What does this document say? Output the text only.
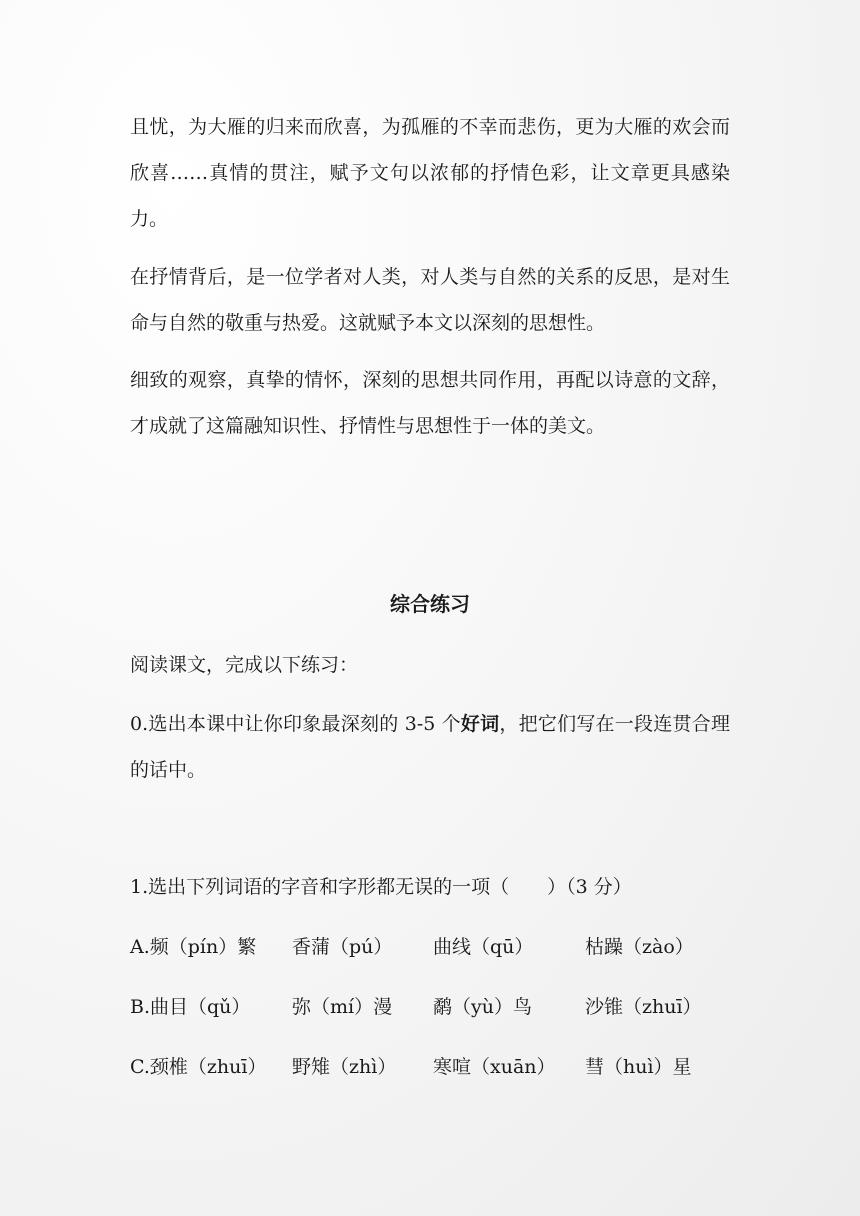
且忧，为大雁的归来而欣喜，为孤雁的不幸而悲伤，更为大雁的欢会而欣喜……真情的贯注，赋予文句以浓郁的抒情色彩，让文章更具感染力。

在抒情背后，是一位学者对人类，对人类与自然的关系的反思，是对生命与自然的敬重与热爱。这就赋予本文以深刻的思想性。

细致的观察，真挚的情怀，深刻的思想共同作用，再配以诗意的文辞，才成就了这篇融知识性、抒情性与思想性于一体的美文。

综合练习

阅读课文，完成以下练习：

0.选出本课中让你印象最深刻的 3-5 个好词，把它们写在一段连贯合理的话中。

1.选出下列词语的字音和字形都无误的一项（　　）（3 分）

A.频（pín）繁 香蒲（pú） 曲线（qū）	枯躁（zào）
B.曲目（qǔ） 弥（mí）漫 鹬（yù）鸟	沙锥（zhuī）
C.颈椎（zhuī） 野雉（zhì） 寒喧（xuān） 彗（huì）星
